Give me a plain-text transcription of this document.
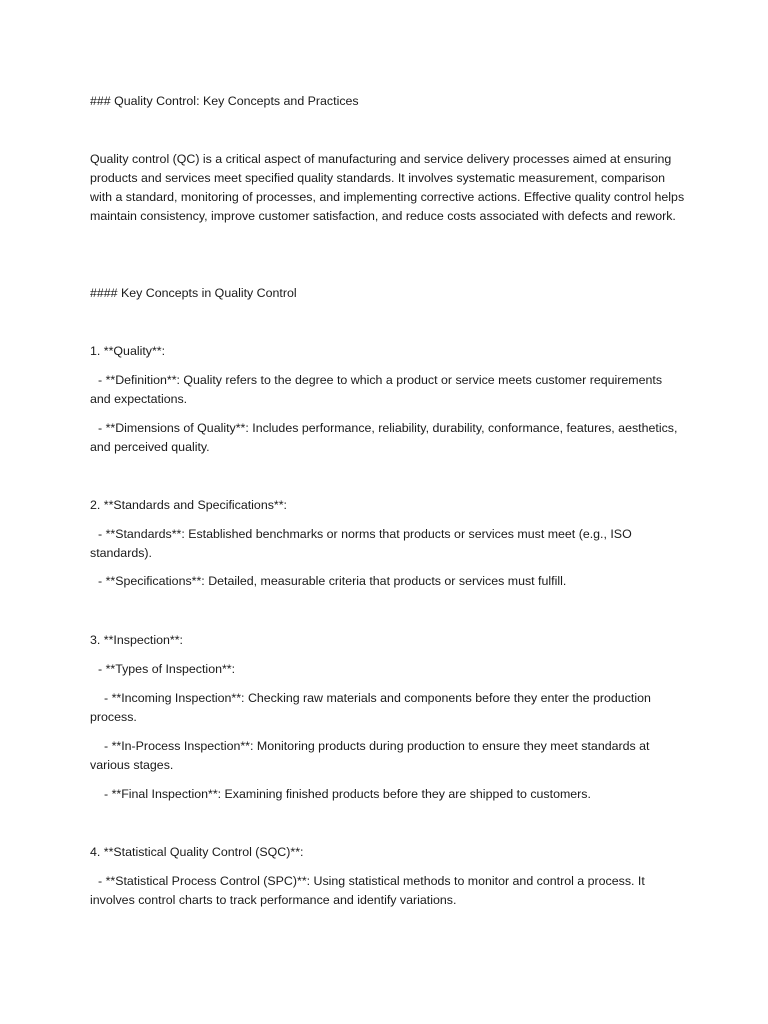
### Quality Control: Key Concepts and Practices

Quality control (QC) is a critical aspect of manufacturing and service delivery processes aimed at ensuring products and services meet specified quality standards. It involves systematic measurement, comparison with a standard, monitoring of processes, and implementing corrective actions. Effective quality control helps maintain consistency, improve customer satisfaction, and reduce costs associated with defects and rework.

#### Key Concepts in Quality Control

1. **Quality**:

- **Definition**: Quality refers to the degree to which a product or service meets customer requirements and expectations.

- **Dimensions of Quality**: Includes performance, reliability, durability, conformance, features, aesthetics, and perceived quality.

2. **Standards and Specifications**:

- **Standards**: Established benchmarks or norms that products or services must meet (e.g., ISO standards).

- **Specifications**: Detailed, measurable criteria that products or services must fulfill.

3. **Inspection**:

- **Types of Inspection**:

- **Incoming Inspection**: Checking raw materials and components before they enter the production process.

- **In-Process Inspection**: Monitoring products during production to ensure they meet standards at various stages.

- **Final Inspection**: Examining finished products before they are shipped to customers.

4. **Statistical Quality Control (SQC)**:

- **Statistical Process Control (SPC)**: Using statistical methods to monitor and control a process. It involves control charts to track performance and identify variations.
